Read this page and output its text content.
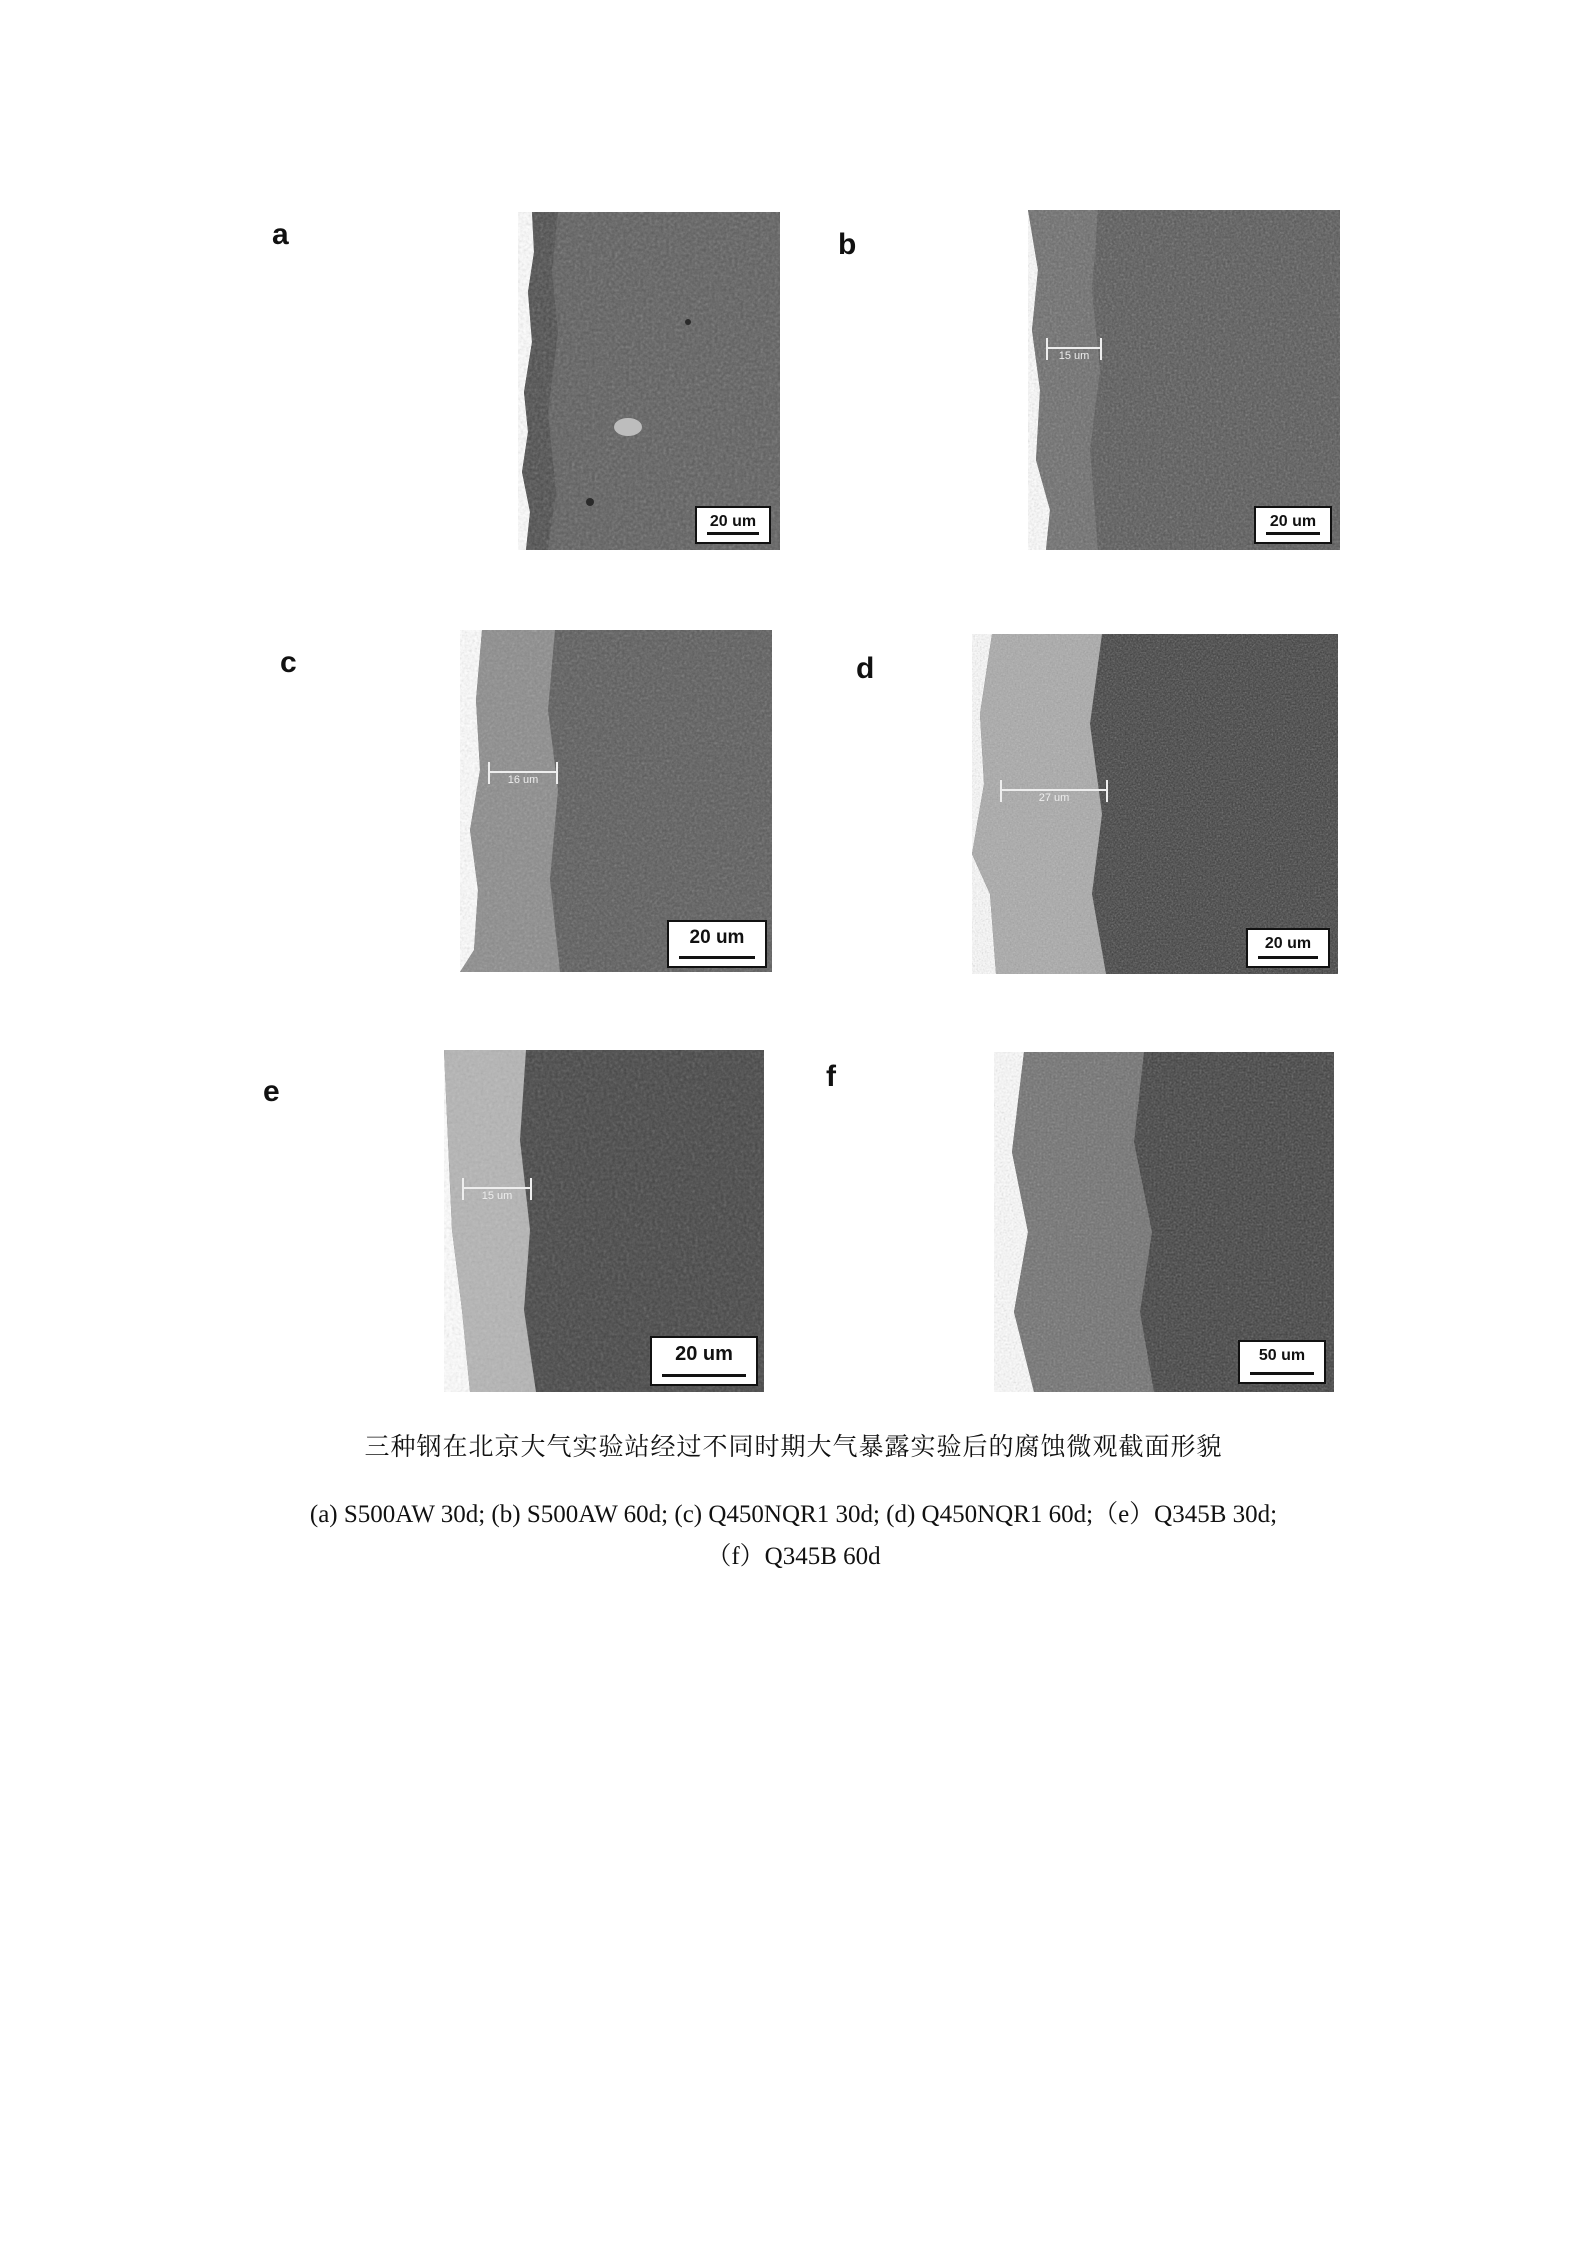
a
20 um
b
15 um
20 um
c
16 um
20 um
d
27 um
20 um
e
15 um
20 um
f
50 um
三种钢在北京大气实验站经过不同时期大气暴露实验后的腐蚀微观截面形貌
(a) S500AW 30d; (b) S500AW 60d; (c) Q450NQR1 30d; (d) Q450NQR1 60d;（e）Q345B 30d;
（f）Q345B 60d
